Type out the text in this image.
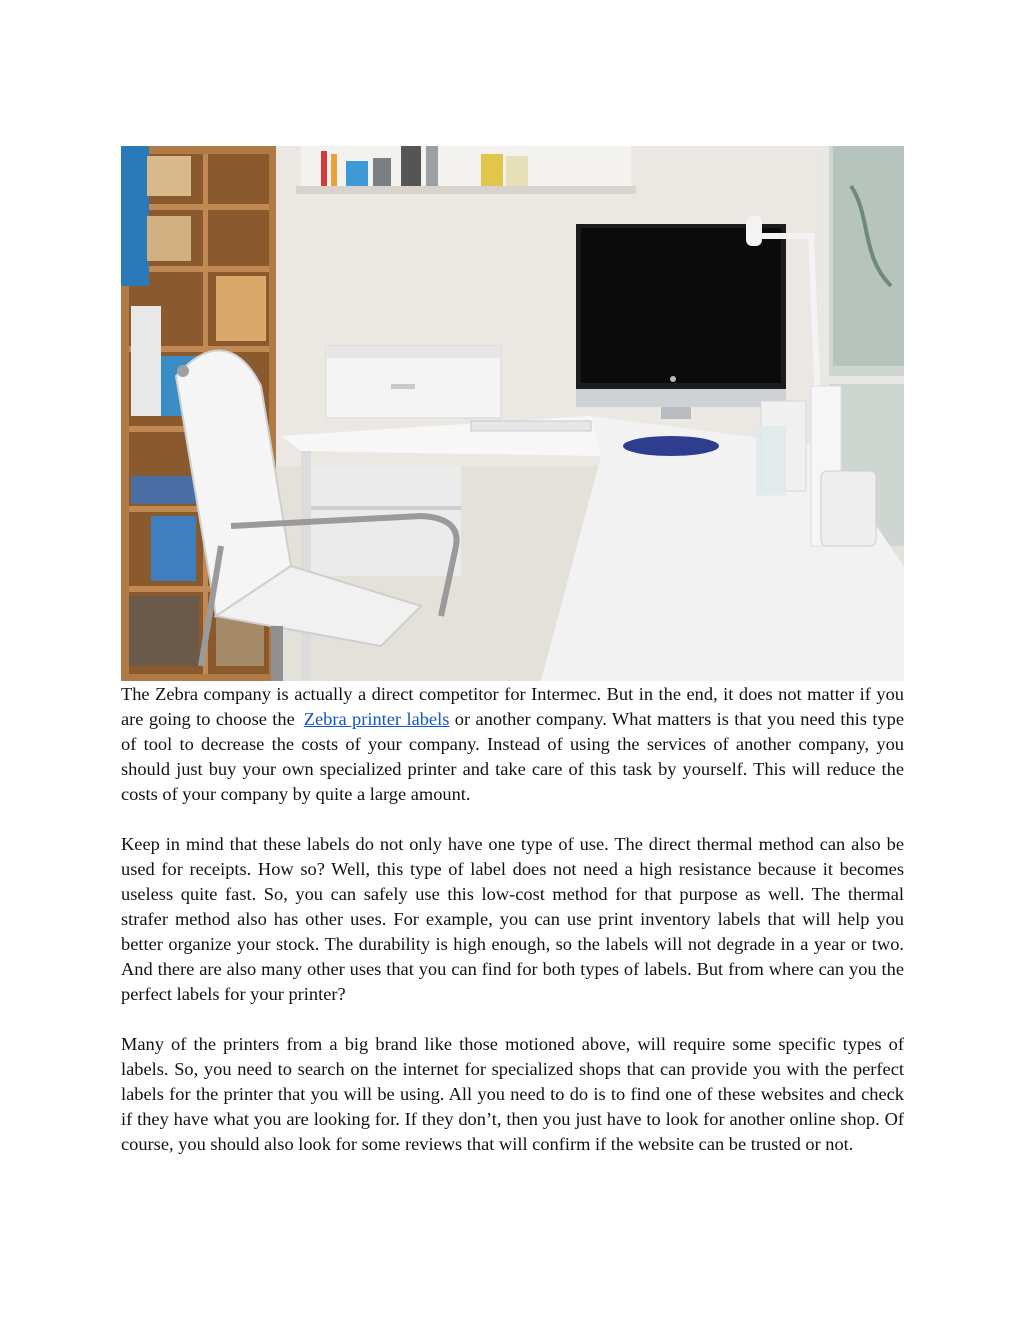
The Zebra company is actually a direct competitor for Intermec. But in the end, it does not matter if you are going to choose the Zebra printer labels or another company. What matters is that you need this type of tool to decrease the costs of your company. Instead of using the services of another company, you should just buy your own specialized printer and take care of this task by yourself. This will reduce the costs of your company by quite a large amount.

Keep in mind that these labels do not only have one type of use. The direct thermal method can also be used for receipts. How so? Well, this type of label does not need a high resistance because it becomes useless quite fast. So, you can safely use this low-cost method for that purpose as well. The thermal strafer method also has other uses. For example, you can use print inventory labels that will help you better organize your stock. The durability is high enough, so the labels will not degrade in a year or two. And there are also many other uses that you can find for both types of labels. But from where can you the perfect labels for your printer?

Many of the printers from a big brand like those motioned above, will require some specific types of labels. So, you need to search on the internet for specialized shops that can provide you with the perfect labels for the printer that you will be using. All you need to do is to find one of these websites and check if they have what you are looking for. If they don’t, then you just have to look for another online shop. Of course, you should also look for some reviews that will confirm if the website can be trusted or not.
